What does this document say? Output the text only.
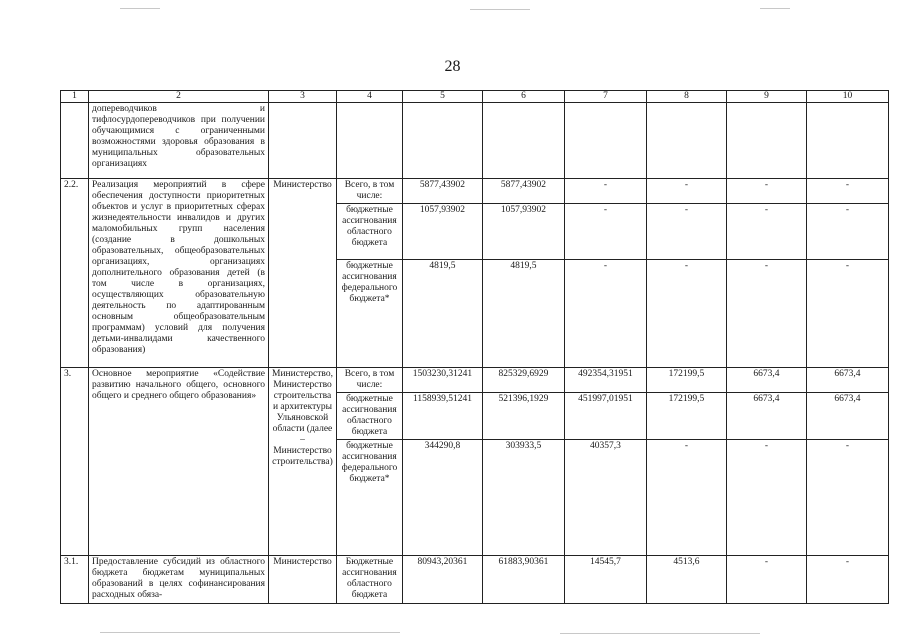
28
1	2	3	4	5	6	7	8	9	10
	допереводчиков и тифлосурдопереводчиков при получении обучающимися с ограниченными возможностями здоровья образования в муниципальных образовательных организациях								
2.2.	Реализация мероприятий в сфере обеспечения доступности приоритетных объектов и услуг в приоритетных сферах жизнедеятельности инвалидов и других маломобильных групп населения (создание в дошкольных образовательных, общеобразовательных организациях, организациях дополнительного образования детей (в том числе в организациях, осуществляющих образовательную деятельность по адаптированным основным общеобразовательным программам) условий для получения детьми-инвалидами качественного образования)	Министерство	Всего, в том числе:	5877,43902	5877,43902	-	-	-	-
			бюджетные ассигнования областного бюджета	1057,93902	1057,93902	-	-	-	-
			бюджетные ассигнования федерального бюджета*	4819,5	4819,5	-	-	-	-
3.	Основное мероприятие «Содействие развитию начального общего, основного общего и среднего общего образования»	Министерство, Министерство строительства и архитектуры Ульяновской области (далее – Министерство строительства)	Всего, в том числе:	1503230,31241	825329,6929	492354,31951	172199,5	6673,4	6673,4
			бюджетные ассигнования областного бюджета	1158939,51241	521396,1929	451997,01951	172199,5	6673,4	6673,4
			бюджетные ассигнования федерального бюджета*	344290,8	303933,5	40357,3	-	-	-
3.1.	Предоставление субсидий из областного бюджета бюджетам муниципальных образований в целях софинансирования расходных обяза-	Министерство	Бюджетные ассигнования областного бюджета	80943,20361	61883,90361	14545,7	4513,6	-	-
